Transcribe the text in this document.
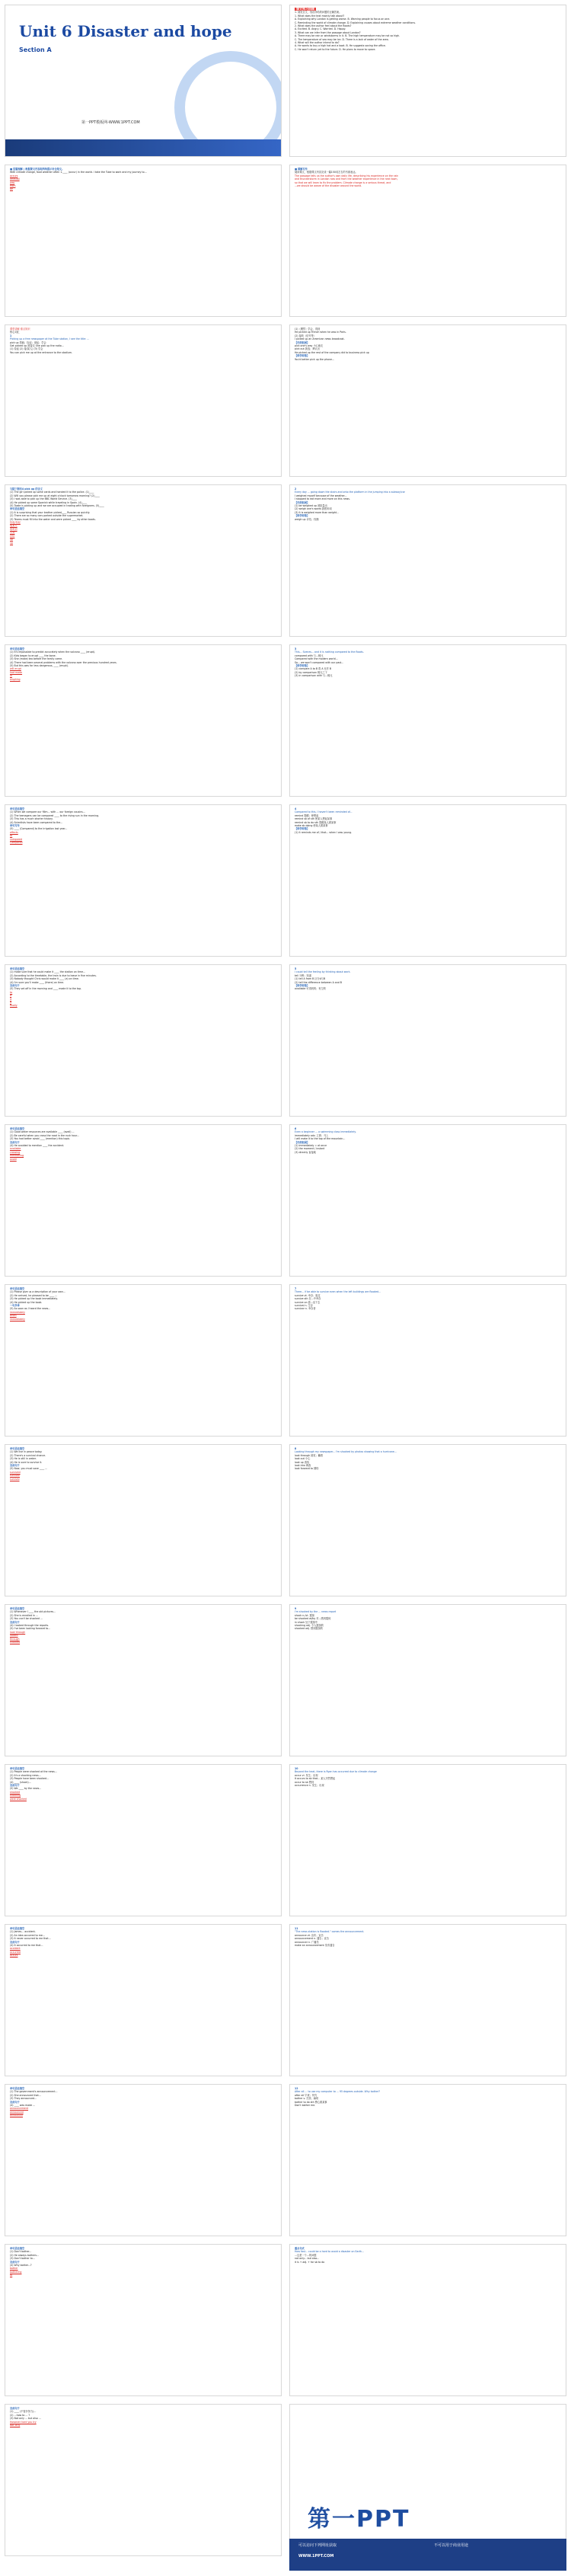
Unit 6 Disaster and hope
Section A
第一PPT模板网-WWW.1PPT.COM
课文预习回顾
1. 浏览全文，找出所给的问题的正确答案。
1. What does the text mainly talk about?
A. Explaining why London is getting worse. B. Warning people to focus on one.
C. Reminding the world of climate change. D. Explaining causes about extreme weather conditions.
2. What does the author feel about the floods?
A. Excited. B. Angry. C. Worried. D. Happy.
3. What can we infer from the passage about London?
A. There may be rain or windstorms in it. B. The high temperature may be not so high.
C. The temperature of sea may be ice. D. There is a lack of water of the area.
4. What will the author intend to do?
A. He wants to buy a high hat and a boat. B. He suggests saving the office.
C. He won't return yet to the future. D. He plans to move to space.
■ 语篇理解 | 根据课文内容和所给提示补全短文。
With climate change, food weather often 1.____ (occur) in the world. I take the Tube to work and my journey to...
occurs
unusual
was
from
be
■ 图解写作
阅读课文，根据课文内容完成一篇150词左右的书面表达。
The passage tells us the author's own daily life, describing his experience on the rain
and thunderstorm in London now and from the weather experience in the next town,
so that we will learn to fix the problem. Climate change is a serious threat, and
...we should be aware of the disaster around the world.
课堂讲解·重点知识
核心词汇
1
Picking up a free newspaper at the Tube station, I see the title: ...
pick up 搭载；捡起；拿起；学会
Get picked up 被接走 She pick up the radio...
(1) 捡起 (2) 接(某人) (3) 学会
You can pick me up at the entrance to the stadium.
(1)（偶然）学会，得到
He picked up French when he was in Paris.
(2) 接收（信号等）
I picked up an American news broadcast.
【归纳拓展】
pick one's way 小心地走
pick out 挑选；辨认出
He picked up the rest of the company did to business pick up
【即学即练】
You'd better pick up the phone...
与除下拥有4 pick up 的含义
(1) The girl picked up some cards and handed it to the police. (1)____
(2) Will you please pick me up at eight o'clock tomorrow morning? (2)____
(3) I was able to pick up the BBC World Service. (3)____
(4) He picked up some Spanish while traveling in Spain. (4)____
(5) Trade is picking up and we are occupied in trading with foreigners. (5)____
单句语法填空
(1) It is surprising that your brother picked____ Russian so quickly.
(2) There are so many cars parked outside the supermarket.
(3) Teams must fill into the water and were picked ____ by other boats.
拾起/捡起
接某人
收听到
学到
好转
up
up
2
Every day ... going down the stairs and onto the platform in the jumping into a subway/car
I weighed myself because of the weather...
I stopped to eat more and more on this news.
【归纳拓展】
(1) be weighed up 被掂量出
(2) weigh one's words 斟酌用词
(3) It is weighed more than weight...
【即学即练】
weigh up 评估；权衡
单句语法填空
(1) It's impossible to predict accurately when the volcano ____ (erupt).
(2) Kids began to erupt ____ the bone.
(3) She (make) tea before the family came.
(4) There had been several problems with the volcano over the previous hundred years.
(5) But this was far less dangerous, ____ (erupt).
will erupt
had made
in
erupting
3
This... Scenes... and it is nothing compared to the floods.
compared with 与...相比
Compared with the modern world...
So... we won't compared with our past...
【即学即练】
(1) compare A to B 将 A 比作 B
(2) by comparison 相比之下
(3) in comparison with 与...相比
单句语法填空
(1) When we compare our fillm... with ... our foreign cousins...
(2) The teenagers can be compared ____ to the rising sun in the morning.
(3) This has a much shorter history.
(4) Scientists have been compared to the...
单句写作
(5) ____ (Compared) to the irrigation last year...
effects
to
compared
Compared
4
Compared to this, I haven't been reminded of...
remind 提醒；使想起
remind sb of sth 使某人想起某事
remind sb to do sth 提醒某人做某事
make sb doing 使某人做某事
【即学即练】
(1) It reminds me of / that... when I was young.
单句语法填空
(1) make sure that he could make it ____ the station on time...
(2) According to the timetable, the train is due to leave in five minutes.
(3) Nobody thought Chris would make it ____ (a) on time.
(4) I'm sure you'll make ____ (there) on time.
完成句子
(5) They set off in the morning and ____ made it to the top.
to
it
it
it
finally
5
I could tell the feeling by thinking about work.
tell 分辨；知道
(1) tell A from B 区分A与B
(2) tell the difference between A and B
【即学即练】
available 可得到的；有空的
单句语法填空
(1) Good water resources are available ____ (avail) ...
(2) Be careful when you cross the road in the rush hour...
(3) You had better avoid ____ (mention) this topic.
完成句子
(4) He avoided to mention ____ the accident.
available
crossing
mentioning
avoid
6
Even a beginner ... a swimming class immediately.
immediately adv. 立即；马上
I will make it to the top of the mountain...
【归纳拓展】
(1) immediately = at once
(2) the moment / instant
(3) directly 直接地
单句语法填空
(1) Please give us a description of your own...
(2) He arrived, he pleased to be ____ ...
(3) He picked up the book immediately.
(4) He picked up the book.
一句多译
(5) As soon as I heard the news...
immediately
when
immediately
7
There... if be able to survive even when the left buildings are flooded...
survive vt. 幸存；挺过
survive sth 在...中幸存
survive on 靠...活下去
survival n. 生存
survivor n. 幸存者
单句语法填空
(1) We live in peace today.
(2) There's a survival chance.
(3) He is still in water.
(4) He is sure to survive it.
完成句子
(5) Now, you must save ____ ...
survived
survivor
survival
8
Looking through my newspaper... I'm shocked by photos showing that a hurricane...
look through 浏览；翻看
look out 小心
look up 查找
look into 调查
look forward to 期待
单句语法填空
(1) Whenever I ____ the old pictures...
(2) She is enrolled in ...
(3) You can't be shocked ...
完成句子
(4) I looked through the reports.
(5) I've been looking forward to...
look through
looked
through
shocked
9
I'm shocked by the ... news report
shock n./vt. 震惊
be shocked at/by 对...感到震惊
in shock 处于震惊中
shocking adj. 令人震惊的
shocked adj. 感到震惊的
单句语法填空
(1) People were shocked at the news...
(2) It's a shocking news...
(3) People have been shocked...
(4) ____ (shock)...
完成句子
(5) We ____ by the news...
shocked
shocking
were shocked
10
Beyond the heat, there is Ryan has occurred due to climate change
occur vi. 发生；出现
It occurs to sb that... 某人突然想起
occur to sb 想到
occurrence n. 发生；出现
单句语法填空
(1) James... accident.
(2) An idea occurred to me...
(3) It never occurred to me that...
完成句子
(4) It occurred to me that...
accident
occurred
occurs
11
"The news station is flooded." comes the announcement.
announce vt. 宣布；宣告
announcement n. 通告；宣告
announcer n. 广播员
make an announcement 发布通告
单句语法填空
(1) The government's announcement...
(2) She announced that...
(3) They announced...
完成句子
(4) ____ was made ...
announcement
announced
announcer
12
After all ... to use my computer to ... 95 degrees outside. Why bother?
after all 毕竟；终究
bother v. 打扰；麻烦
bother to do sth 费心做某事
Don't bother me.
单句语法填空
(1) Don't bother...
(2) He always bothers...
(3) Don't bother to...
完成句子
(4) Why bother...?
bother
bothering
to
重点句式
How fast... could be a hard to avoid a disaster on Earth...
...这是一个...的问题
not only... but also...
it is + adj. + for sb to do
完成句子
(1) ____ (不管多努力)...
(2) ...how to ... ?
(3) Not only ... but also ...
However hard you try
Not only
第一PPT
可以访问下列网址获取	不可以用于商业用途
WWW.1PPT.COM
